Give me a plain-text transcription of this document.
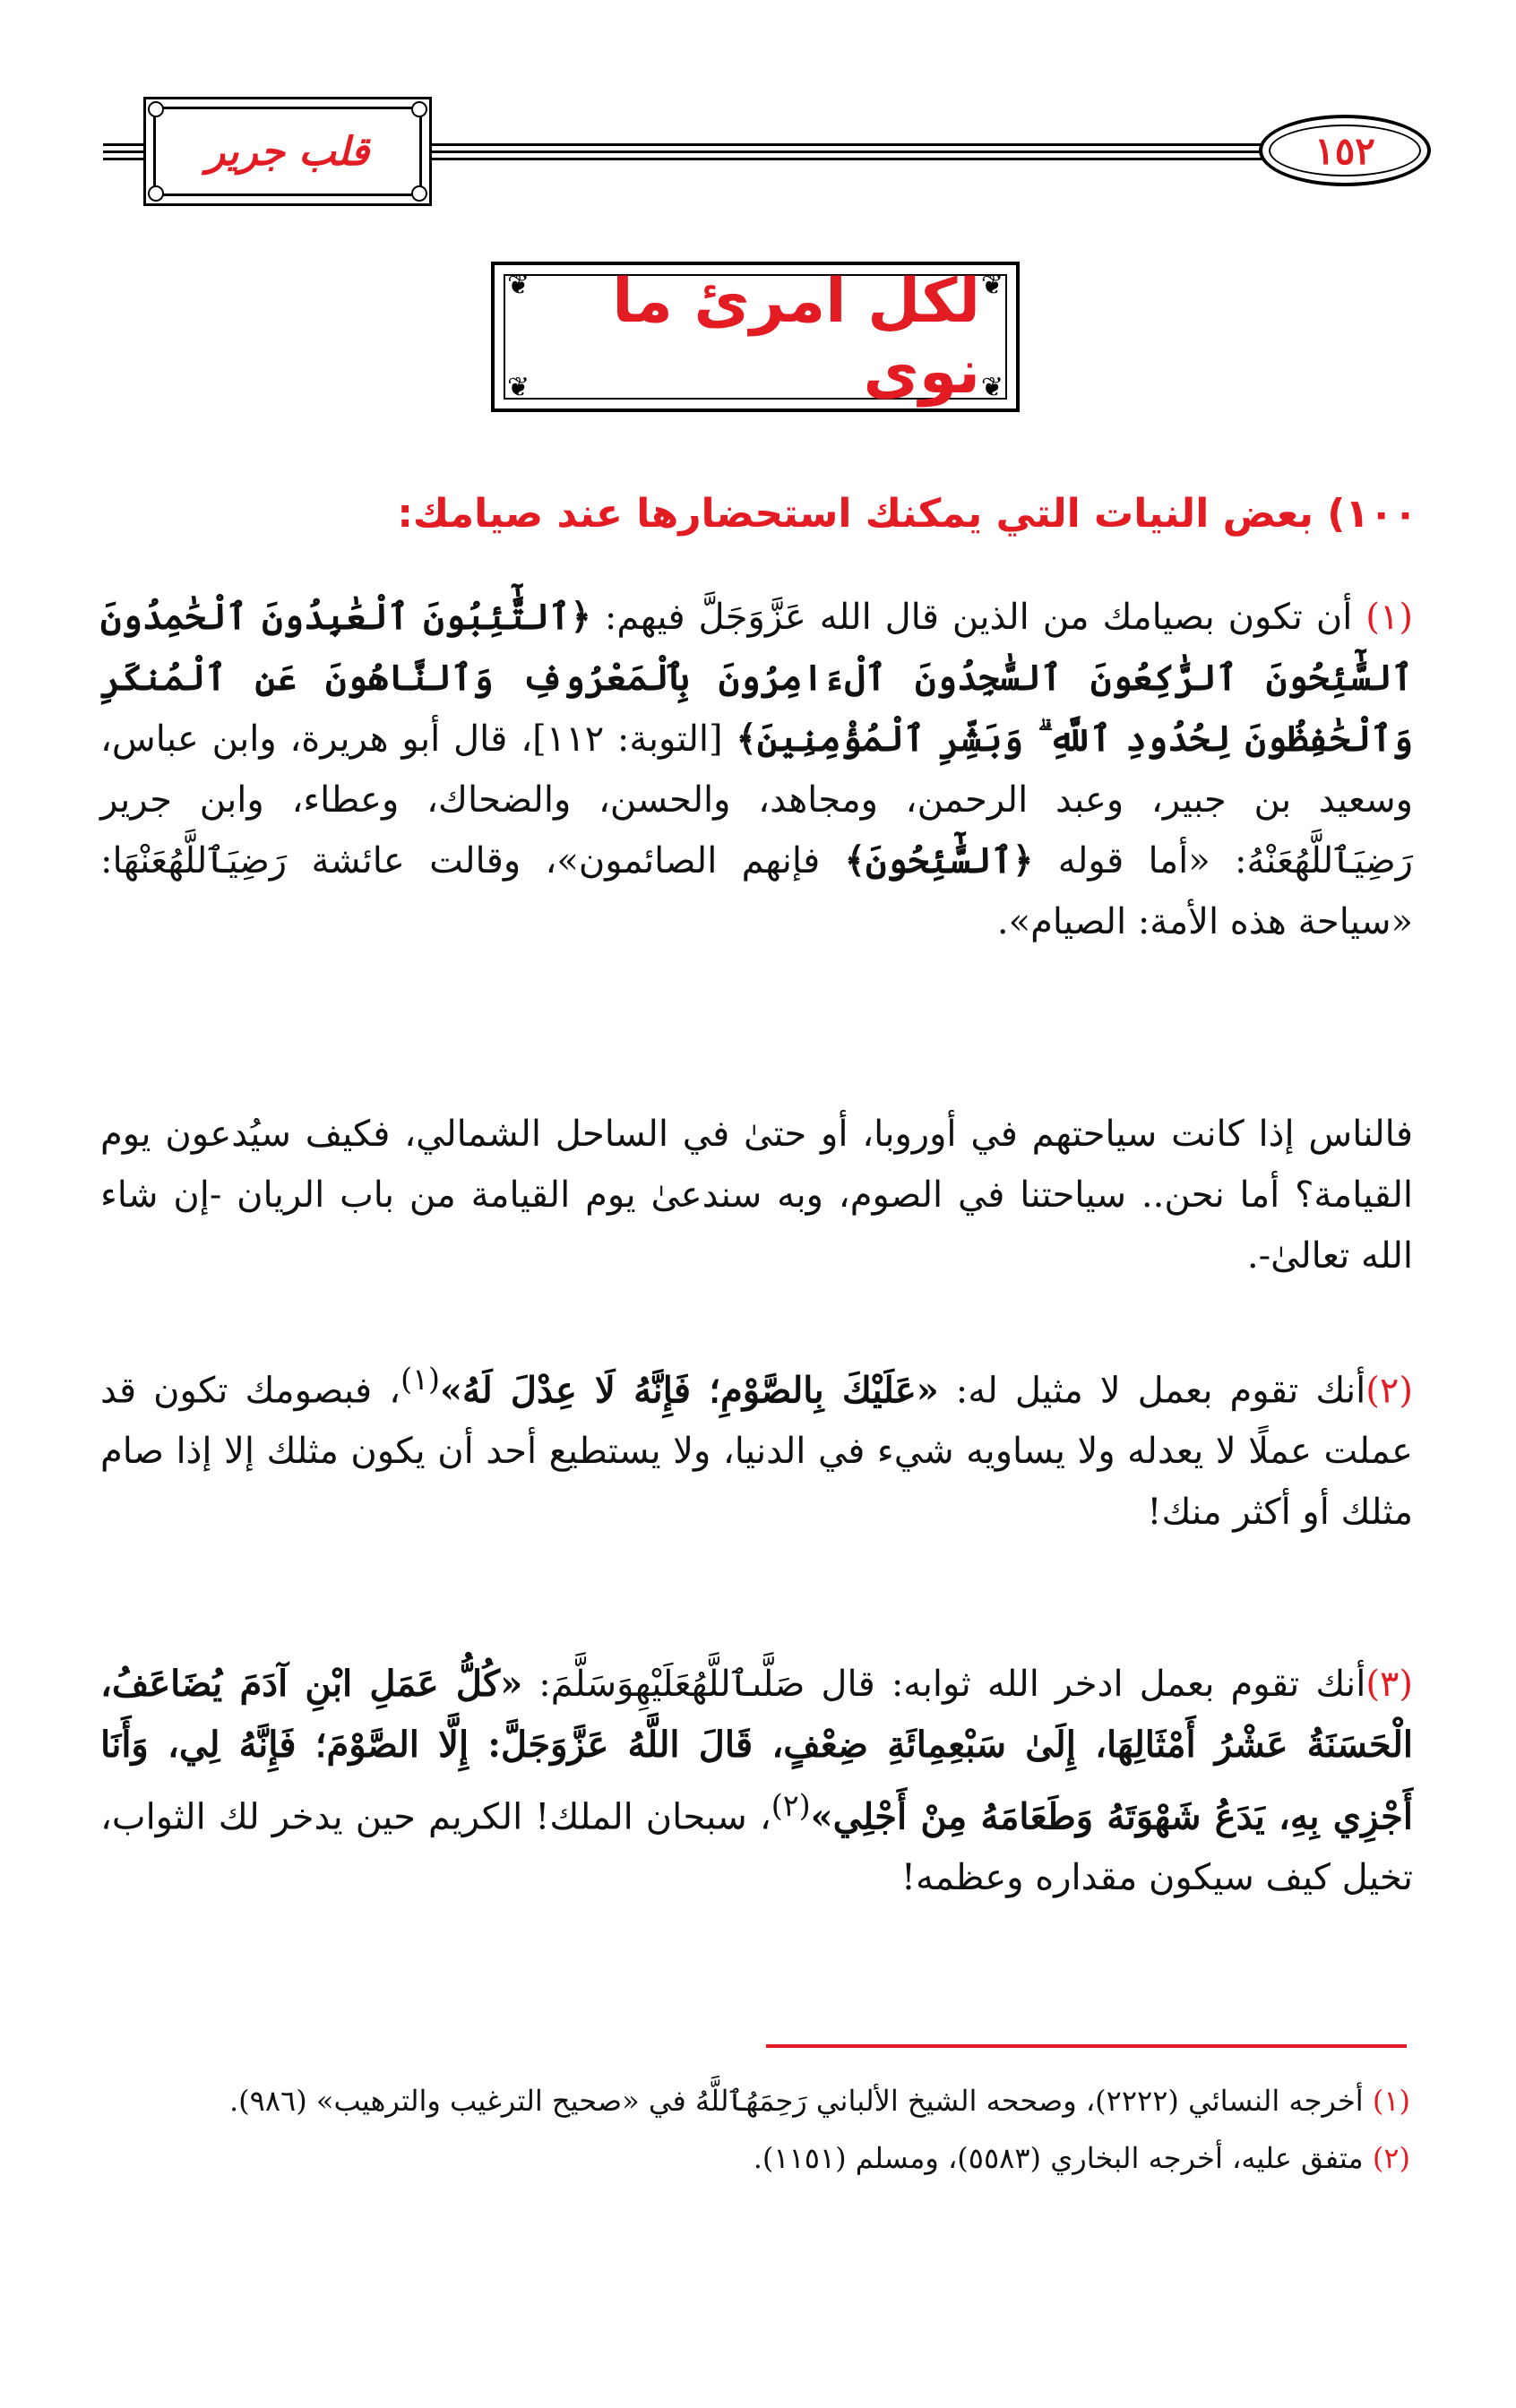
قلب جرير	١٥٢
❦	❦
❦	❦
لكل امرئ ما نوى
١٠٠) بعض النيات التي يمكنك استحضارها عند صيامك:
(١) أن تكون بصيامك من الذين قال الله عَزَّوَجَلَّ فيهم: ﴿ٱلتَّٰٓئِبُونَ ٱلْعَٰبِدُونَ ٱلْحَٰمِدُونَ ٱلسَّٰٓئِحُونَ ٱلرَّٰكِعُونَ ٱلسَّٰجِدُونَ ٱلْءَامِرُونَ بِٱلْمَعْرُوفِ وَٱلنَّاهُونَ عَنِ ٱلْمُنكَرِ وَٱلْحَٰفِظُونَ لِحُدُودِ ٱللَّهِ ۗ وَبَشِّرِ ٱلْمُؤْمِنِينَ﴾ [التوبة: ١١٢]، قال أبو هريرة، وابن عباس، وسعيد بن جبير، وعبد الرحمن، ومجاهد، والحسن، والضحاك، وعطاء، وابن جرير رَضِيَٱللَّهُعَنْهُ: «أما قوله ﴿ٱلسَّٰٓئِحُونَ﴾ فإنهم الصائمون»، وقالت عائشة رَضِيَٱللَّهُعَنْهَا: «سياحة هذه الأمة: الصيام».
فالناس إذا كانت سياحتهم في أوروبا، أو حتىٰ في الساحل الشمالي، فكيف سيُدعون يوم القيامة؟ أما نحن.. سياحتنا في الصوم، وبه سندعىٰ يوم القيامة من باب الريان -إن شاء الله تعالىٰ-.
(٢)أنك تقوم بعمل لا مثيل له: «عَلَيْكَ بِالصَّوْمِ؛ فَإِنَّهُ لَا عِدْلَ لَهُ»$^{(١)}$، فبصومك تكون قد عملت عملًا لا يعدله ولا يساويه شيء في الدنيا، ولا يستطيع أحد أن يكون مثلك إلا إذا صام مثلك أو أكثر منك!
(٣)أنك تقوم بعمل ادخر الله ثوابه: قال صَلَّىٱللَّهُعَلَيْهِوَسَلَّمَ: «كُلُّ عَمَلِ ابْنِ آدَمَ يُضَاعَفُ، الْحَسَنَةُ عَشْرُ أَمْثَالِهَا، إِلَىٰ سَبْعِمِائَةِ ضِعْفٍ، قَالَ اللَّهُ عَزَّوَجَلَّ: إِلَّا الصَّوْمَ؛ فَإِنَّهُ لِي، وَأَنَا أَجْزِي بِهِ، يَدَعُ شَهْوَتَهُ وَطَعَامَهُ مِنْ أَجْلِي»$^{(٢)}$، سبحان الملك! الكريم حين يدخر لك الثواب، تخيل كيف سيكون مقداره وعظمه!
(١) أخرجه النسائي (٢٢٢٢)، وصححه الشيخ الألباني رَحِمَهُٱللَّهُ في «صحيح الترغيب والترهيب» (٩٨٦).
(٢) متفق عليه، أخرجه البخاري (٥٥٨٣)، ومسلم (١١٥١).
